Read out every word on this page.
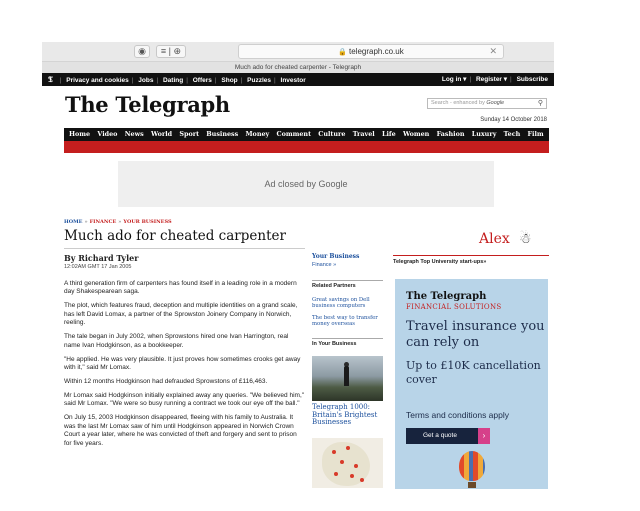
◉	≡ | ⊕	🔒 telegraph.co.uk	✕
Much ado for cheated carpenter - Telegraph
𝕿 | Privacy and cookies | Jobs | Dating | Offers | Shop | Puzzles | Investor	Log in ▾ | Register ▾ | Subscribe
The Telegraph	Search - enhanced by Google	⚲
Sunday 14 October 2018
Home Video News World Sport Business Money Comment Culture Travel Life Women Fashion Luxury Tech Film
Ad closed by Google
HOME » FINANCE » YOUR BUSINESS
Much ado for cheated carpenter
By Richard Tyler
12:02AM GMT 17 Jan 2005

A third generation firm of carpenters has found itself in a leading role in a modern day Shakespearean saga.

The plot, which features fraud, deception and multiple identities on a grand scale, has left David Lomax, a partner of the Sprowston Joinery Company in Norwich, reeling.

The tale began in July 2002, when Sprowstons hired one Ivan Harrington, real name Ivan Hodgkinson, as a bookkeeper.

"He applied. He was very plausible. It just proves how sometimes crooks get away with it," said Mr Lomax.

Within 12 months Hodgkinson had defrauded Sprowstons of £116,463.

Mr Lomax said Hodgkinson initially explained away any queries. "We believed him," said Mr Lomax. "We were so busy running a contract we took our eye off the ball."

On July 15, 2003 Hodgkinson disappeared, fleeing with his family to Australia. It was the last Mr Lomax saw of him until Hodgkinson appeared in Norwich Crown Court a year later, where he was convicted of theft and forgery and sent to prison for five years.

Your Business
Finance »
Related Partners
Great savings on Dell business computers
The best way to transfer money overseas
In Your Business
Telegraph 1000: Britain's Brightest Businesses
Alex ☃
Telegraph Top University start-ups»
The Telegraph
FINANCIAL SOLUTIONS
Travel insurance you can rely on
Up to £10K cancellation cover
Terms and conditions apply
Get a quote	›
